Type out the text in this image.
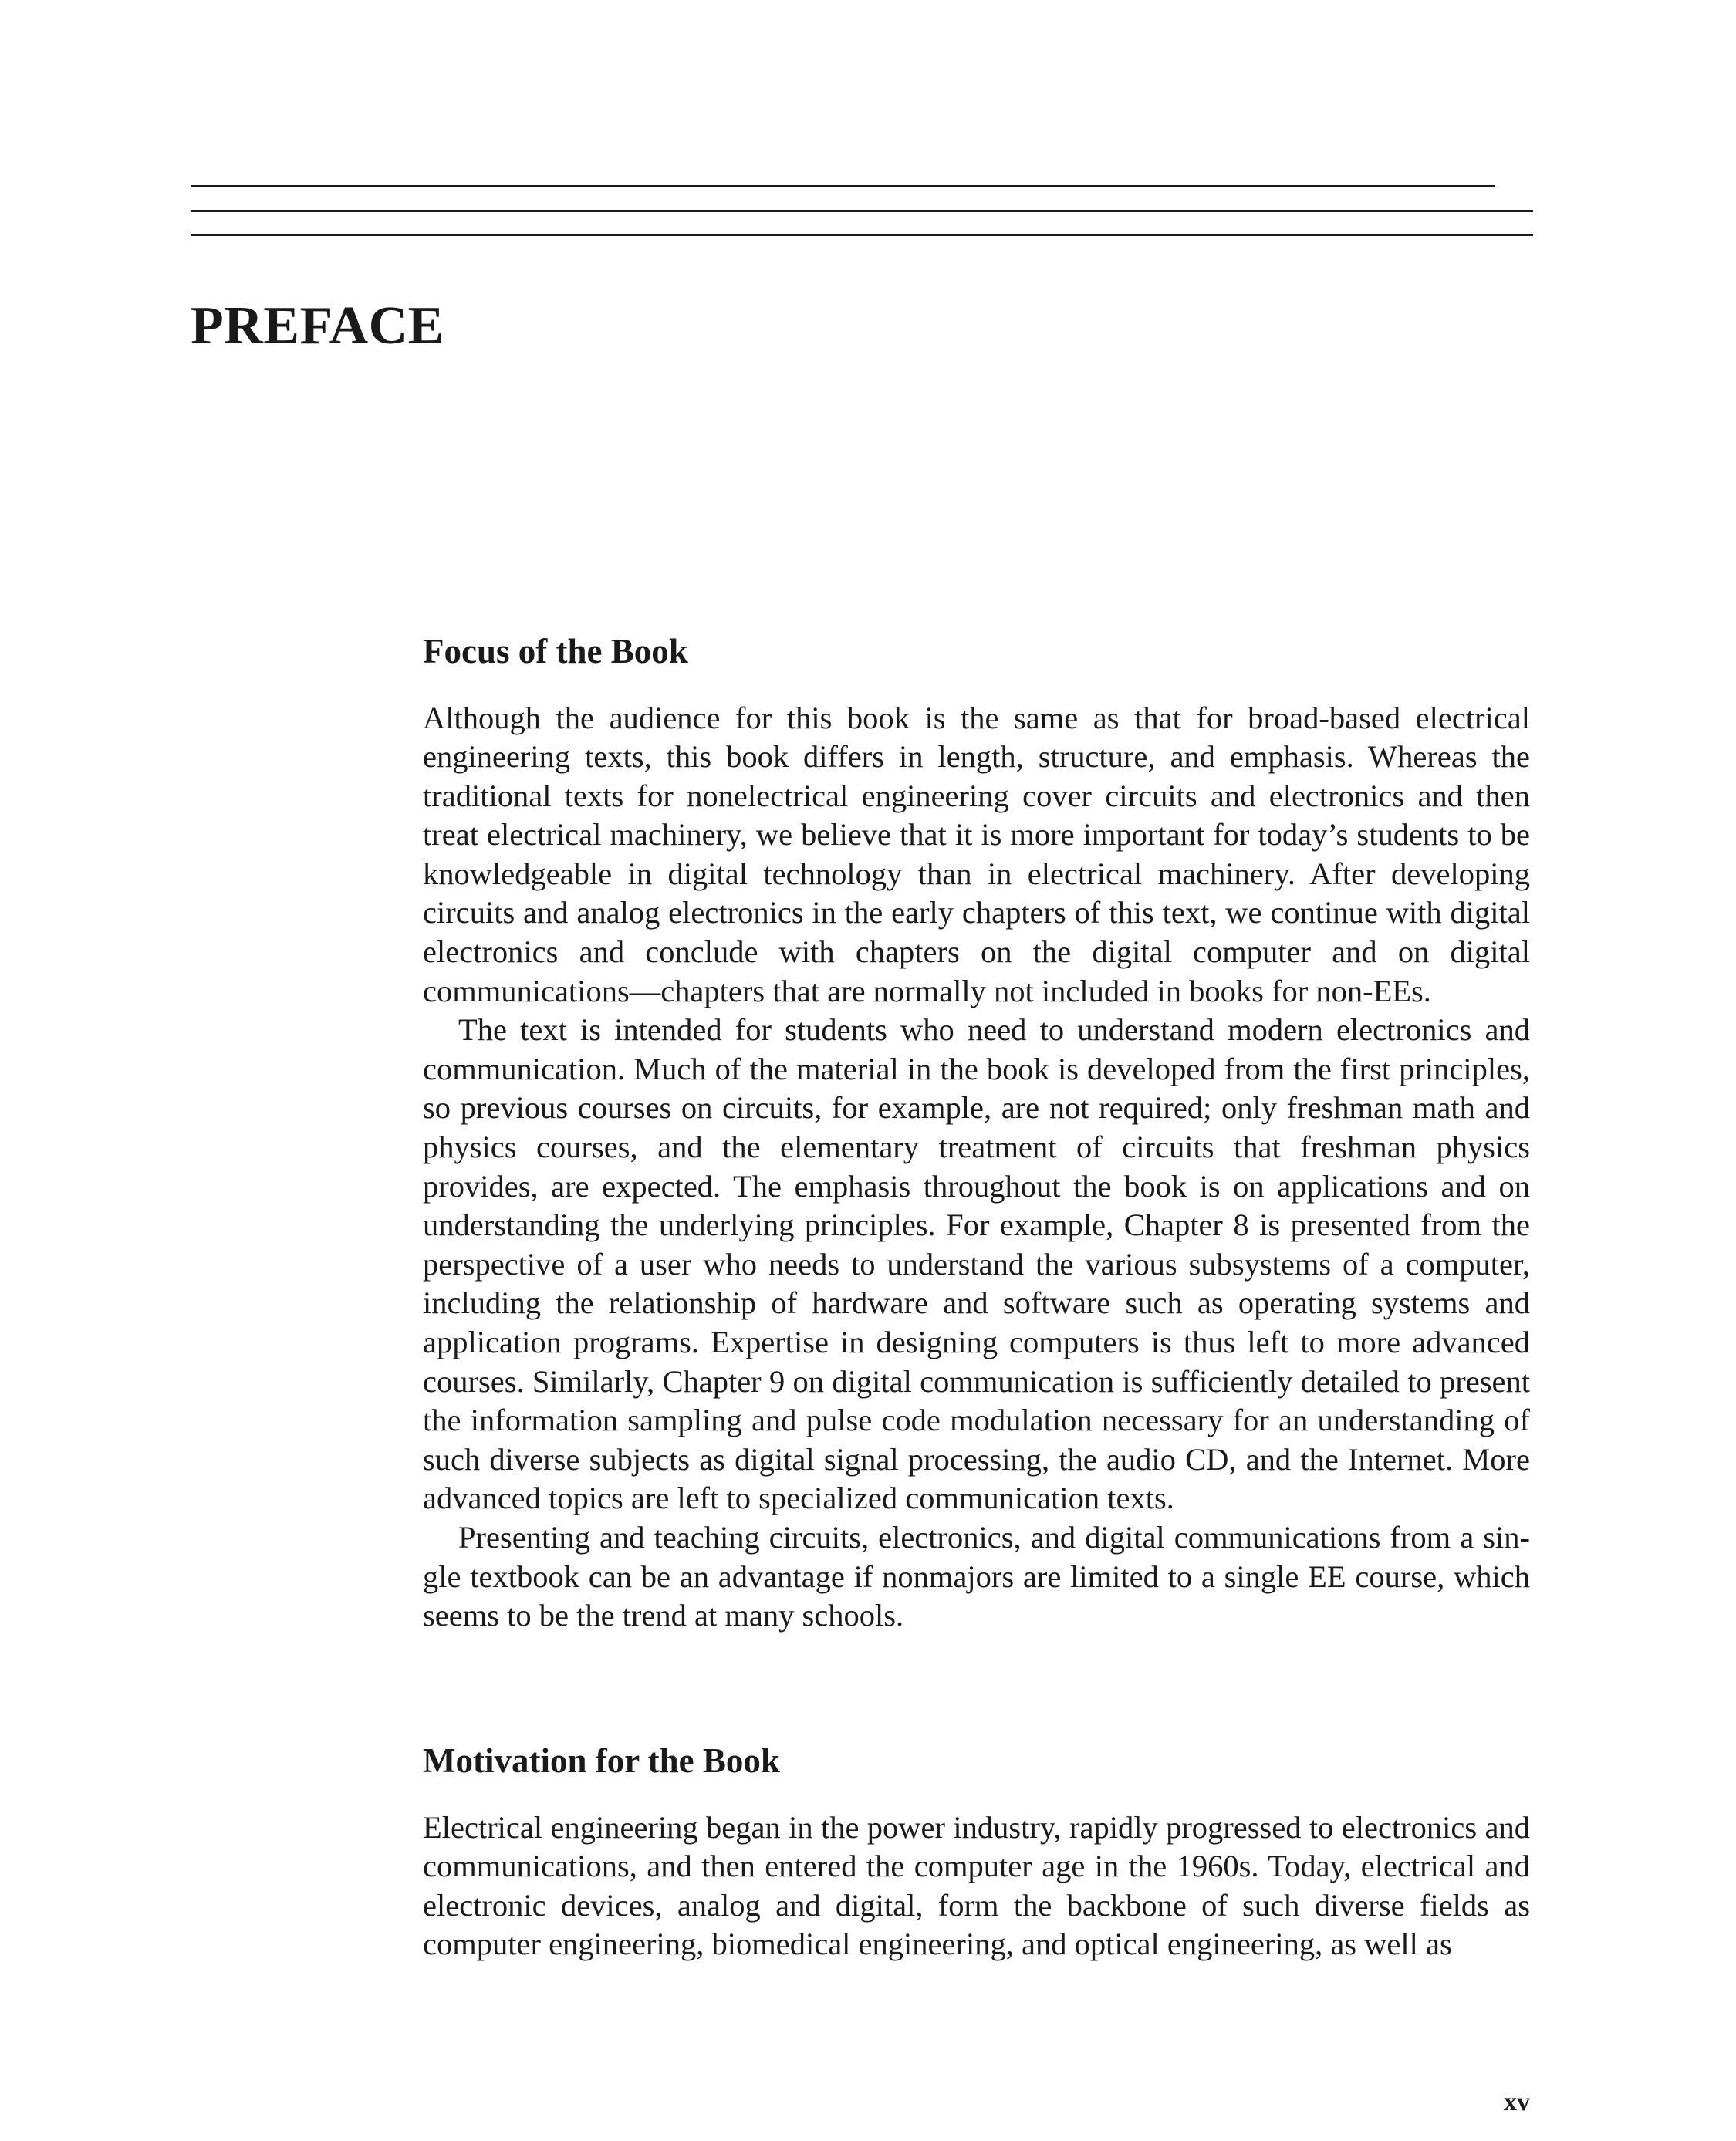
PREFACE
Focus of the Book

Although the audience for this book is the same as that for broad-based electrical engineering texts, this book differs in length, structure, and emphasis. Whereas the traditional texts for nonelectrical engineering cover circuits and electronics and then treat electrical machinery, we believe that it is more important for today’s students to be knowledgeable in digital technology than in electrical machinery. After developing circuits and analog electronics in the early chapters of this text, we continue with digital electronics and conclude with chapters on the digital computer and on digital communications—chapters that are normally not included in books for non-EEs.

The text is intended for students who need to understand modern electronics and communication. Much of the material in the book is developed from the first principles, so previous courses on circuits, for example, are not required; only freshman math and physics courses, and the elementary treatment of circuits that freshman physics provides, are expected. The emphasis throughout the book is on applications and on understanding the underlying principles. For example, Chapter 8 is presented from the perspective of a user who needs to understand the various subsystems of a computer, including the relationship of hardware and software such as operating systems and application programs. Expertise in designing computers is thus left to more advanced courses. Similarly, Chapter 9 on digital communication is sufficiently detailed to present the information sampling and pulse code modulation necessary for an understanding of such diverse subjects as digital signal processing, the audio CD, and the Internet. More advanced topics are left to specialized communication texts.

Presenting and teaching circuits, electronics, and digital communications from a single textbook can be an advantage if nonmajors are limited to a single EE course, which seems to be the trend at many schools.

Motivation for the Book

Electrical engineering began in the power industry, rapidly progressed to electronics and communications, and then entered the computer age in the 1960s. Today, electrical and electronic devices, analog and digital, form the backbone of such diverse fields as computer engineering, biomedical engineering, and optical engineering, as well as

xv
